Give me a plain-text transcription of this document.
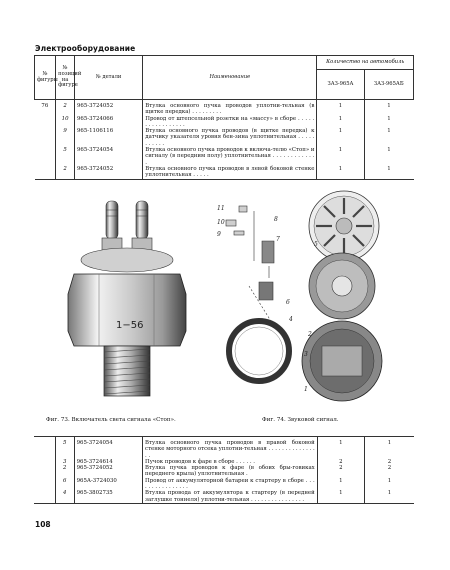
Электрооборудование
№ фигуры	№ позиций на фигуре	№ детали	Наименование	Количество на автомобиль	
				ЗАЗ-965А	ЗАЗ-965АБ
76	2	965-3724052	Втулка основного пучка проводов уплотни-тельная (в щитке передка) . . . . . . . . .	1	1
	10	965-3724066	Провод от штепсельной розетки на «массу» в сборе . . . . . . . . . . . . . . . . .	1	1
	9	965-1106116	Втулка основного пучка проводов (в щитке передка) к датчику указателя уровня бен-зина уплотнительная . . . . . . . . . . .	1	1
	5	965-3724054	Втулка основного пучка проводов к включа-телю «Стоп» и сигналу (в передним полу) уплотнительная . . . . . . . . . . . . .	1	1
	2	965-3724052	Втулка основного пучка проводов в левой боковой стенке уплотнительная . . . . .	1	1
1−56
11
10
9
8
7
6
5
4
3
2
1
Фиг. 73. Включатель света сигнала «Стоп».	Фиг. 74. Звуковой сигнал.
	5	965-3724054	Втулка основного пучка проводов в правой боковой стенке моторного отсека уплотни-тельная . . . . . . . . . . . . . . . .	1	1
	3	965-3724614	Пучок проводов к фаре в сборе . . . . . .	2	2
	2	965-3724052	Втулка пучка проводов к фаре (в обоих бры-говиках переднего крыла) уплотнительная .	2	2
	6	965А-3724030	Провод от аккумуляторной батареи к стартеру в сборе . . . . . . . . . . . . . . . .	1	1
	4	965-3802735	Втулка провода от аккумулятора к стартеру (в передней заглушке тоннеля) уплотни-тельная . . . . . . . . . . . . . . . .	1	1
108
